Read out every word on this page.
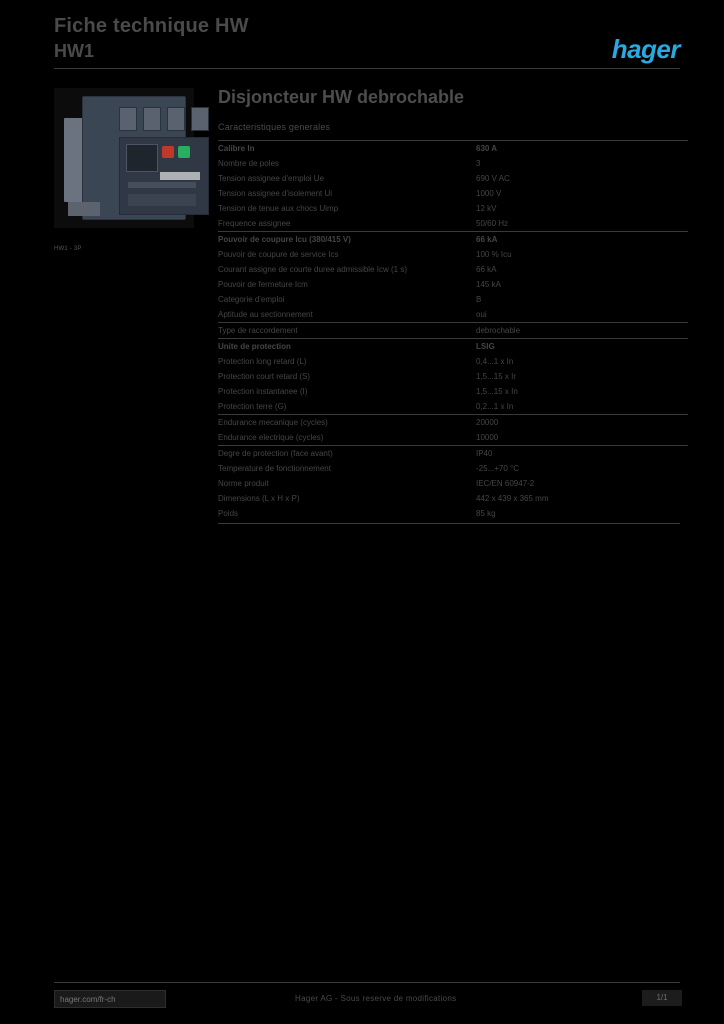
Fiche technique HW
HW1	hager
HW1 - 3P
Disjoncteur HW debrochable
Caracteristiques generales
Calibre In	630 A
Nombre de poles	3
Tension assignee d'emploi Ue	690 V AC
Tension assignee d'isolement Ui	1000 V
Tension de tenue aux chocs Uimp	12 kV
Frequence assignee	50/60 Hz
Pouvoir de coupure Icu (380/415 V)	66 kA
Pouvoir de coupure de service Ics	100 % Icu
Courant assigne de courte duree admissible Icw (1 s)	66 kA
Pouvoir de fermeture Icm	145 kA
Categorie d'emploi	B
Aptitude au sectionnement	oui
Type de raccordement	debrochable
Unite de protection	LSIG
Protection long retard (L)	0,4...1 x In
Protection court retard (S)	1,5...15 x Ir
Protection instantanee (I)	1,5...15 x In
Protection terre (G)	0,2...1 x In
Endurance mecanique (cycles)	20000
Endurance electrique (cycles)	10000
Degre de protection (face avant)	IP40
Temperature de fonctionnement	-25...+70 °C
Norme produit	IEC/EN 60947-2
Dimensions (L x H x P)	442 x 439 x 365 mm
Poids	85 kg
hager.com/fr-ch	Hager AG - Sous reserve de modifications	1/1
